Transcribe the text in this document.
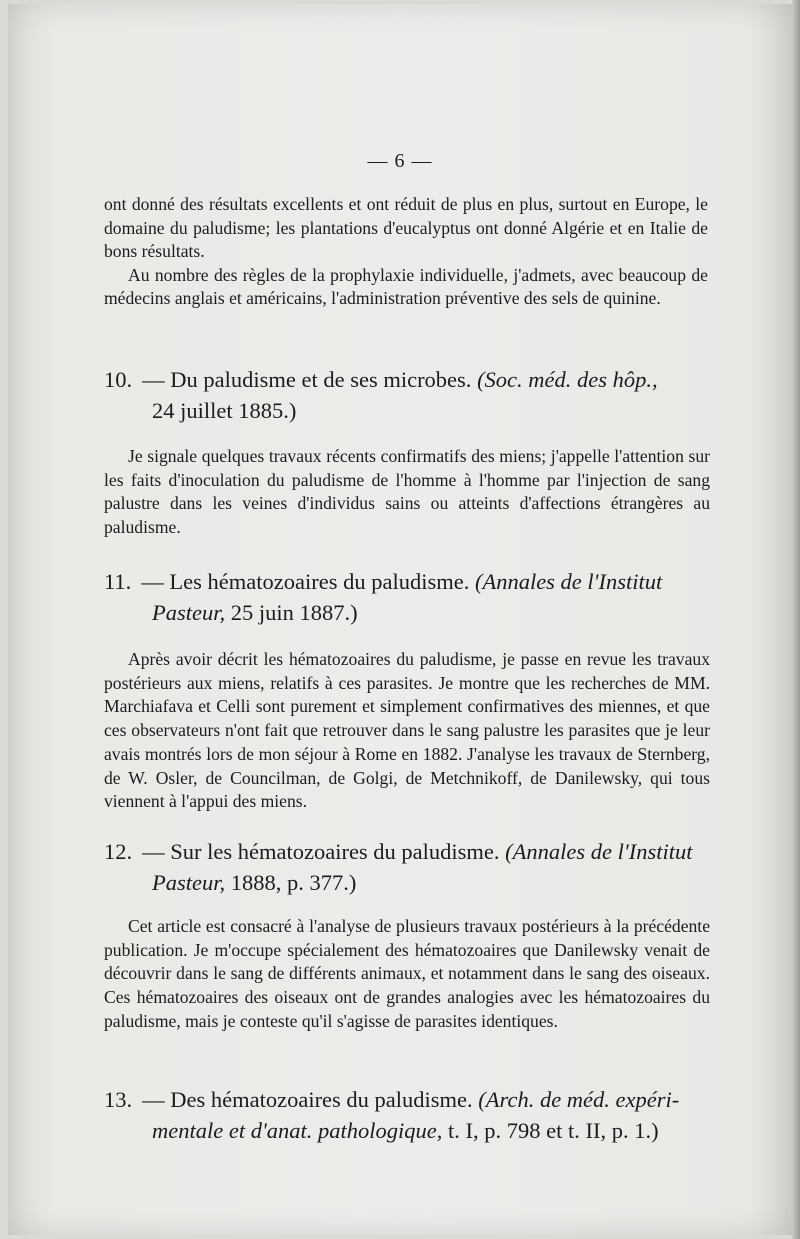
— 6 —

ont donné des résultats excellents et ont réduit de plus en plus, surtout en Europe, le domaine du paludisme; les plantations d'eucalyptus ont donné Algérie et en Italie de bons résultats.

Au nombre des règles de la prophylaxie individuelle, j'admets, avec beaucoup de médecins anglais et américains, l'administration préventive des sels de quinine.

10. — Du paludisme et de ses microbes. (Soc. méd. des hôp.,
24 juillet 1885.)
Je signale quelques travaux récents confirmatifs des miens; j'appelle l'attention sur les faits d'inoculation du paludisme de l'homme à l'homme par l'injection de sang palustre dans les veines d'individus sains ou atteints d'affections étrangères au paludisme.
11. — Les hématozoaires du paludisme. (Annales de l'Institut
Pasteur, 25 juin 1887.)
Après avoir décrit les hématozoaires du paludisme, je passe en revue les travaux postérieurs aux miens, relatifs à ces parasites. Je montre que les recherches de MM. Marchiafava et Celli sont purement et simplement confirmatives des miennes, et que ces observateurs n'ont fait que retrouver dans le sang palustre les parasites que je leur avais montrés lors de mon séjour à Rome en 1882. J'analyse les travaux de Sternberg, de W. Osler, de Councilman, de Golgi, de Metchnikoff, de Danilewsky, qui tous viennent à l'appui des miens.
12. — Sur les hématozoaires du paludisme. (Annales de l'Institut
Pasteur, 1888, p. 377.)
Cet article est consacré à l'analyse de plusieurs travaux postérieurs à la précédente publication. Je m'occupe spécialement des hématozoaires que Danilewsky venait de découvrir dans le sang de différents animaux, et notamment dans le sang des oiseaux. Ces hématozoaires des oiseaux ont de grandes analogies avec les hématozoaires du paludisme, mais je conteste qu'il s'agisse de parasites identiques.
13. — Des hématozoaires du paludisme. (Arch. de méd. expéri-
mentale et d'anat. pathologique, t. I, p. 798 et t. II, p. 1.)
